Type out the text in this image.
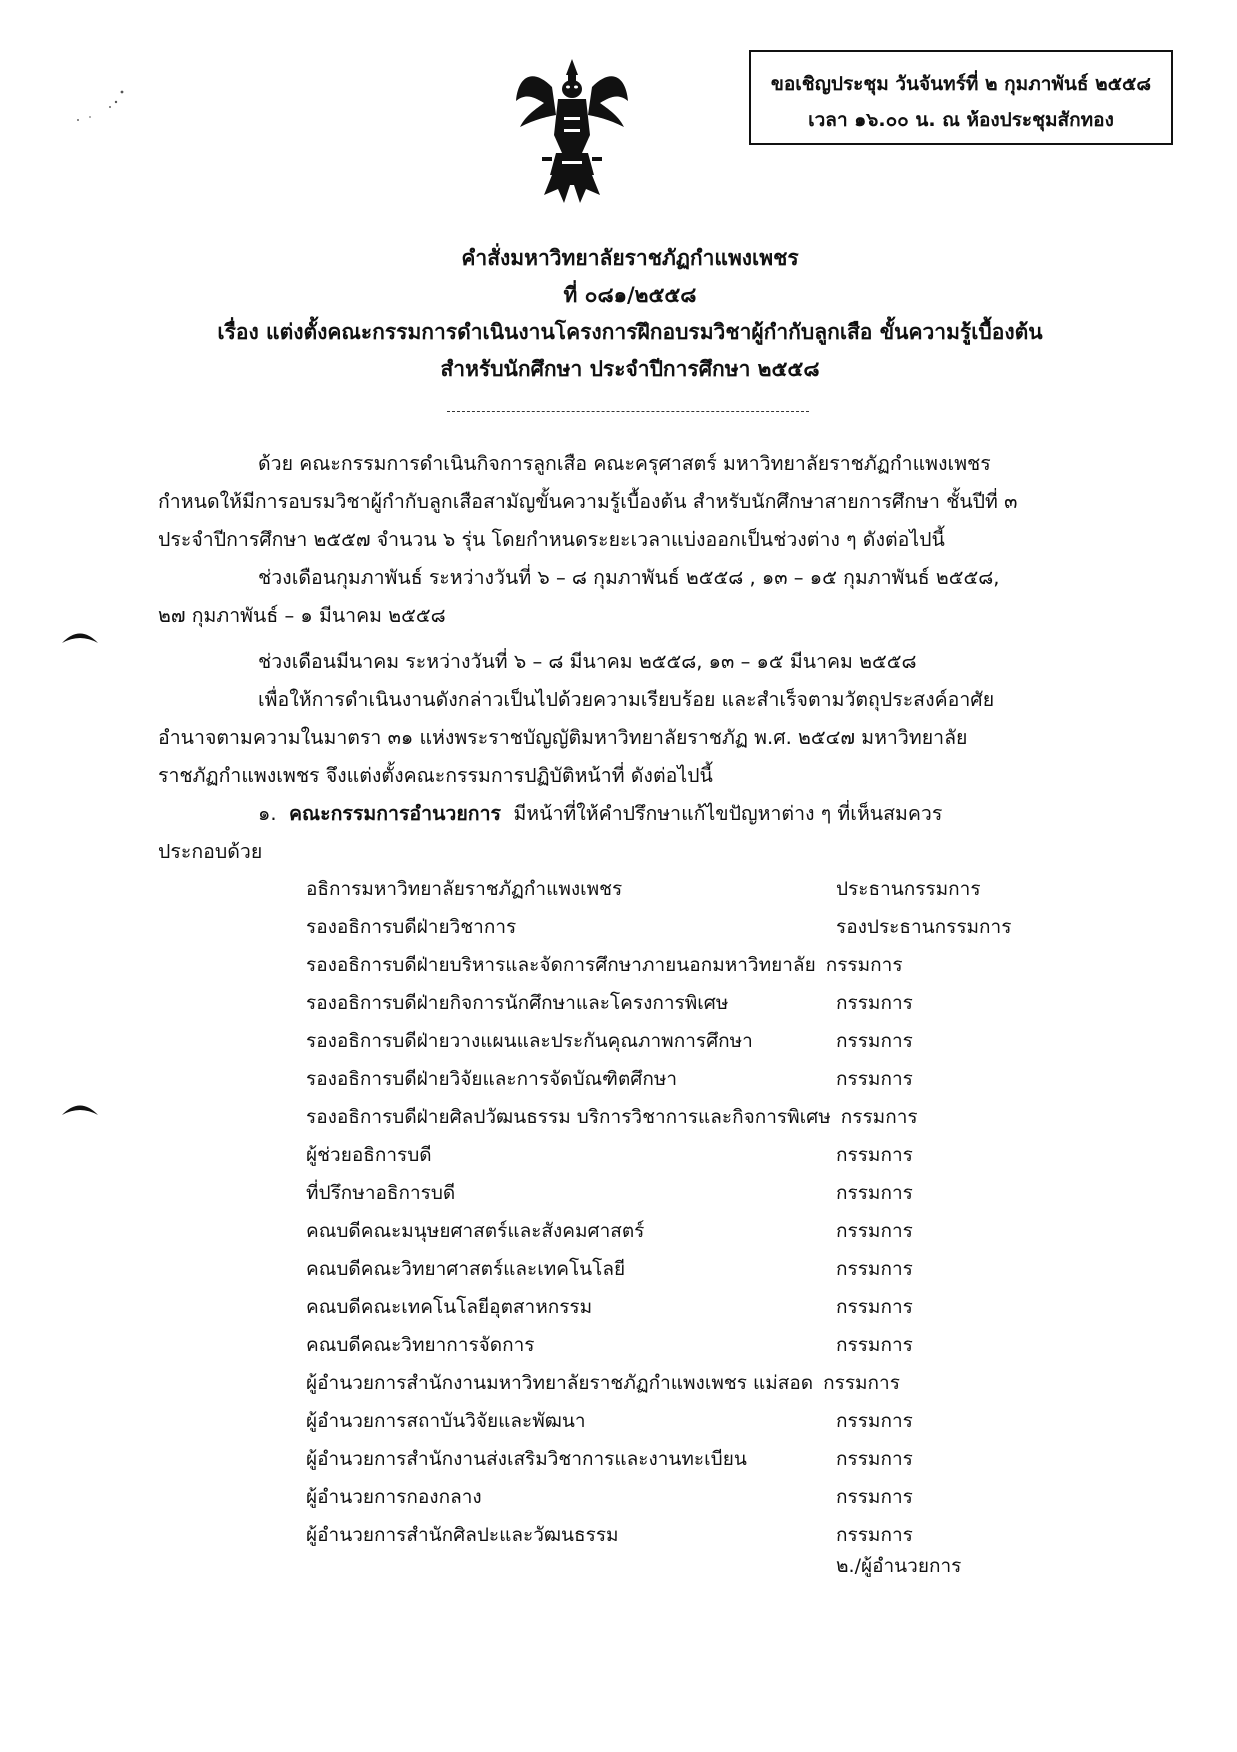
ขอเชิญประชุม วันจันทร์ที่ ๒ กุมภาพันธ์ ๒๕๕๘
เวลา ๑๖.๐๐ น. ณ ห้องประชุมสักทอง
คำสั่งมหาวิทยาลัยราชภัฏกำแพงเพชร
ที่ ๐๘๑/๒๕๕๘
เรื่อง แต่งตั้งคณะกรรมการดำเนินงานโครงการฝึกอบรมวิชาผู้กำกับลูกเสือ ขั้นความรู้เบื้องต้น
สำหรับนักศึกษา ประจำปีการศึกษา ๒๕๕๘
ด้วย คณะกรรมการดำเนินกิจการลูกเสือ คณะครุศาสตร์ มหาวิทยาลัยราชภัฏกำแพงเพชร
กำหนดให้มีการอบรมวิชาผู้กำกับลูกเสือสามัญขั้นความรู้เบื้องต้น สำหรับนักศึกษาสายการศึกษา ชั้นปีที่ ๓
ประจำปีการศึกษา ๒๕๕๗ จำนวน ๖ รุ่น โดยกำหนดระยะเวลาแบ่งออกเป็นช่วงต่าง ๆ ดังต่อไปนี้
ช่วงเดือนกุมภาพันธ์ ระหว่างวันที่ ๖ – ๘ กุมภาพันธ์ ๒๕๕๘ , ๑๓ – ๑๕ กุมภาพันธ์ ๒๕๕๘,
๒๗ กุมภาพันธ์ – ๑ มีนาคม ๒๕๕๘
ช่วงเดือนมีนาคม ระหว่างวันที่ ๖ – ๘ มีนาคม ๒๕๕๘, ๑๓ – ๑๕ มีนาคม ๒๕๕๘
เพื่อให้การดำเนินงานดังกล่าวเป็นไปด้วยความเรียบร้อย และสำเร็จตามวัตถุประสงค์อาศัย
อำนาจตามความในมาตรา ๓๑ แห่งพระราชบัญญัติมหาวิทยาลัยราชภัฏ พ.ศ. ๒๕๔๗ มหาวิทยาลัย
ราชภัฏกำแพงเพชร จึงแต่งตั้งคณะกรรมการปฏิบัติหน้าที่ ดังต่อไปนี้
๑. คณะกรรมการอำนวยการ มีหน้าที่ให้คำปรึกษาแก้ไขปัญหาต่าง ๆ ที่เห็นสมควร
ประกอบด้วย
อธิการมหาวิทยาลัยราชภัฏกำแพงเพชร	ประธานกรรมการ
รองอธิการบดีฝ่ายวิชาการ	รองประธานกรรมการ
รองอธิการบดีฝ่ายบริหารและจัดการศึกษาภายนอกมหาวิทยาลัย กรรมการ
รองอธิการบดีฝ่ายกิจการนักศึกษาและโครงการพิเศษ	กรรมการ
รองอธิการบดีฝ่ายวางแผนและประกันคุณภาพการศึกษา	กรรมการ
รองอธิการบดีฝ่ายวิจัยและการจัดบัณฑิตศึกษา	กรรมการ
รองอธิการบดีฝ่ายศิลปวัฒนธรรม บริการวิชาการและกิจการพิเศษ กรรมการ
ผู้ช่วยอธิการบดี	กรรมการ
ที่ปรึกษาอธิการบดี	กรรมการ
คณบดีคณะมนุษยศาสตร์และสังคมศาสตร์	กรรมการ
คณบดีคณะวิทยาศาสตร์และเทคโนโลยี	กรรมการ
คณบดีคณะเทคโนโลยีอุตสาหกรรม	กรรมการ
คณบดีคณะวิทยาการจัดการ	กรรมการ
ผู้อำนวยการสำนักงานมหาวิทยาลัยราชภัฏกำแพงเพชร แม่สอด กรรมการ
ผู้อำนวยการสถาบันวิจัยและพัฒนา	กรรมการ
ผู้อำนวยการสำนักงานส่งเสริมวิชาการและงานทะเบียน	กรรมการ
ผู้อำนวยการกองกลาง	กรรมการ
ผู้อำนวยการสำนักศิลปะและวัฒนธรรม	กรรมการ
๒./ผู้อำนวยการ
